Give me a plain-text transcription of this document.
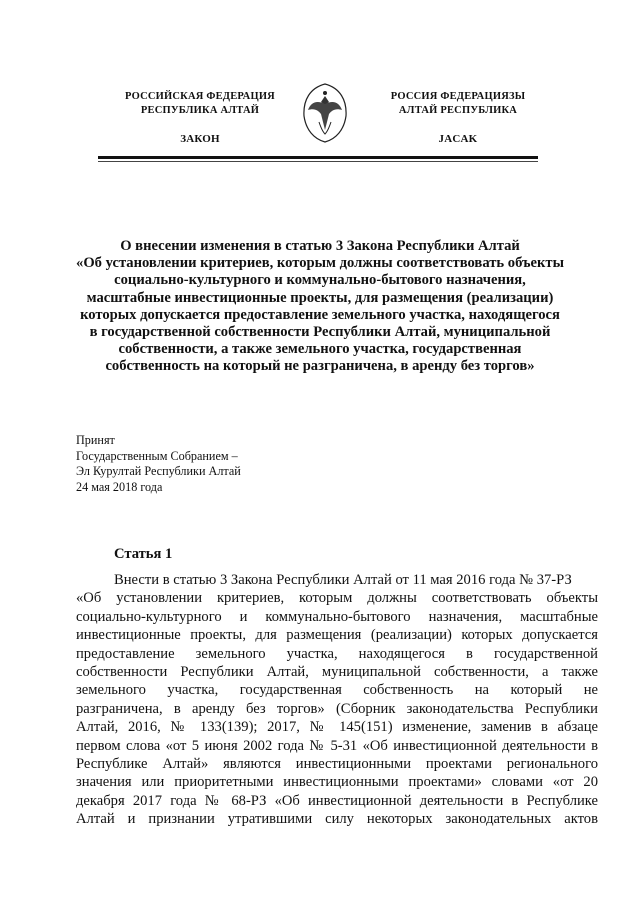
РОССИЙСКАЯ ФЕДЕРАЦИЯ
РЕСПУБЛИКА АЛТАЙ
ЗАКОН
РОССИЯ ФЕДЕРАЦИЯЗЫ
АЛТАЙ РЕСПУБЛИКА
JACAK
О внесении изменения в статью 3 Закона Республики Алтай
«Об установлении критериев, которым должны соответствовать объекты
социально-культурного и коммунально-бытового назначения,
масштабные инвестиционные проекты, для размещения (реализации)
которых допускается предоставление земельного участка, находящегося
в государственной собственности Республики Алтай, муниципальной
собственности, а также земельного участка, государственная
собственность на который не разграничена, в аренду без торгов»
Принят
Государственным Собранием –
Эл Курултай Республики Алтай
24 мая 2018 года
Статья 1
Внести в статью 3 Закона Республики Алтай от 11 мая 2016 года № 37-РЗ
«Об установлении критериев, которым должны соответствовать объекты
социально-культурного и коммунально-бытового назначения, масштабные
инвестиционные проекты, для размещения (реализации) которых допускается
предоставление земельного участка, находящегося в государственной
собственности Республики Алтай, муниципальной собственности, а также
земельного участка, государственная собственность на который не
разграничена, в аренду без торгов» (Сборник законодательства Республики
Алтай, 2016, № 133(139); 2017, № 145(151) изменение, заменив в абзаце
первом слова «от 5 июня 2002 года № 5-31 «Об инвестиционной деятельности в
Республике Алтай» являются инвестиционными проектами регионального
значения или приоритетными инвестиционными проектами» словами «от 20
декабря 2017 года № 68-РЗ «Об инвестиционной деятельности в Республике
Алтай и признании утратившими силу некоторых законодательных актов
